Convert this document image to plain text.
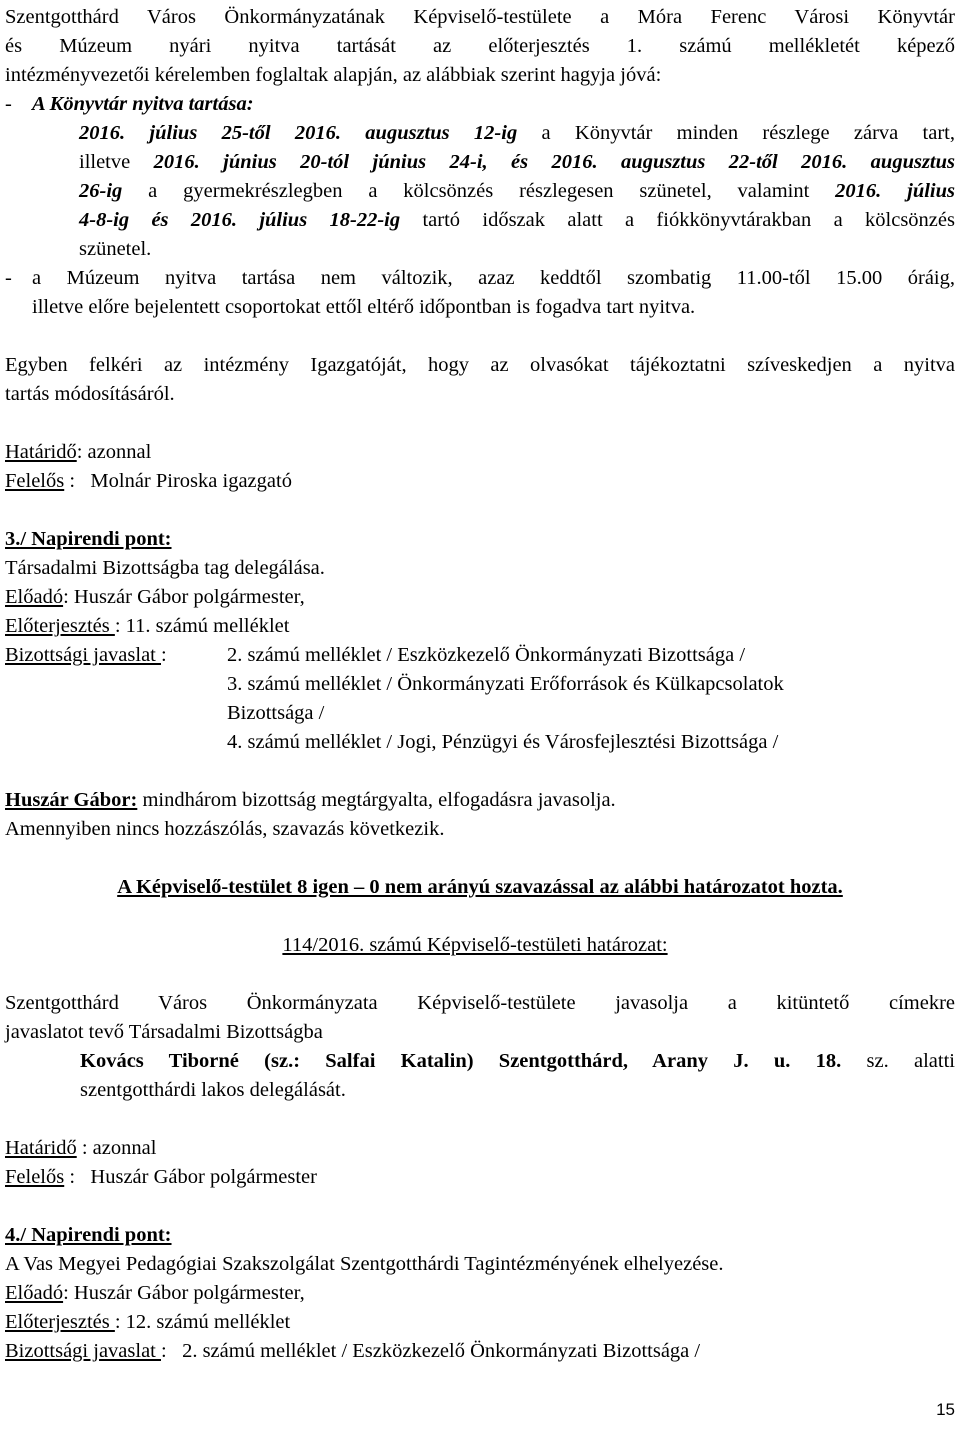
Szentgotthárd Város Önkormányzatának Képviselő-testülete a Móra Ferenc Városi Könyvtár

és Múzeum nyári nyitva tartását az előterjesztés 1. számú mellékletét képező

intézményvezetői kérelemben foglaltak alapján, az alábbiak szerint hagyja jóvá:

- A Könyvtár nyitva tartása:

2016. július 25-től 2016. augusztus 12-ig a Könyvtár minden részlege zárva tart,

illetve 2016. június 20-tól június 24-i, és 2016. augusztus 22-től 2016. augusztus

26-ig a gyermekrészlegben a kölcsönzés részlegesen szünetel, valamint 2016. július

4-8-ig és 2016. július 18-22-ig tartó időszak alatt a fiókkönyvtárakban a kölcsönzés

szünetel.

- a Múzeum nyitva tartása nem változik, azaz keddtől szombatig 11.00-től 15.00 óráig,
illetve előre bejelentett csoportokat ettől eltérő időpontban is fogadva tart nyitva.

Egyben felkéri az intézmény Igazgatóját, hogy az olvasókat tájékoztatni szíveskedjen a nyitva

tartás módosításáról.

Határidő: azonnal

Felelős :   Molnár Piroska igazgató

3./ Napirendi pont:

Társadalmi Bizottságba tag delegálása.

Előadó: Huszár Gábor polgármester,

Előterjesztés : 11. számú melléklet

Bizottsági javaslat :	2. számú melléklet / Eszközkezelő Önkormányzati Bizottsága /

3. számú melléklet / Önkormányzati Erőforrások és Külkapcsolatok

Bizottsága /

4. számú melléklet / Jogi, Pénzügyi és Városfejlesztési Bizottsága /

Huszár Gábor: mindhárom bizottság megtárgyalta, elfogadásra javasolja.

Amennyiben nincs hozzászólás, szavazás következik.

A Képviselő-testület 8 igen – 0 nem arányú szavazással az alábbi határozatot hozta.

114/2016. számú Képviselő-testületi határozat:

Szentgotthárd Város Önkormányzata Képviselő-testülete javasolja a kitüntető címekre

javaslatot tevő Társadalmi Bizottságba

Kovács Tiborné (sz.: Salfai Katalin) Szentgotthárd, Arany J. u. 18. sz. alatti

szentgotthárdi lakos delegálását.

Határidő : azonnal

Felelős :   Huszár Gábor polgármester

4./ Napirendi pont:

A Vas Megyei Pedagógiai Szakszolgálat Szentgotthárdi Tagintézményének elhelyezése.

Előadó: Huszár Gábor polgármester,

Előterjesztés : 12. számú melléklet

Bizottsági javaslat :   2. számú melléklet / Eszközkezelő Önkormányzati Bizottsága /

15
